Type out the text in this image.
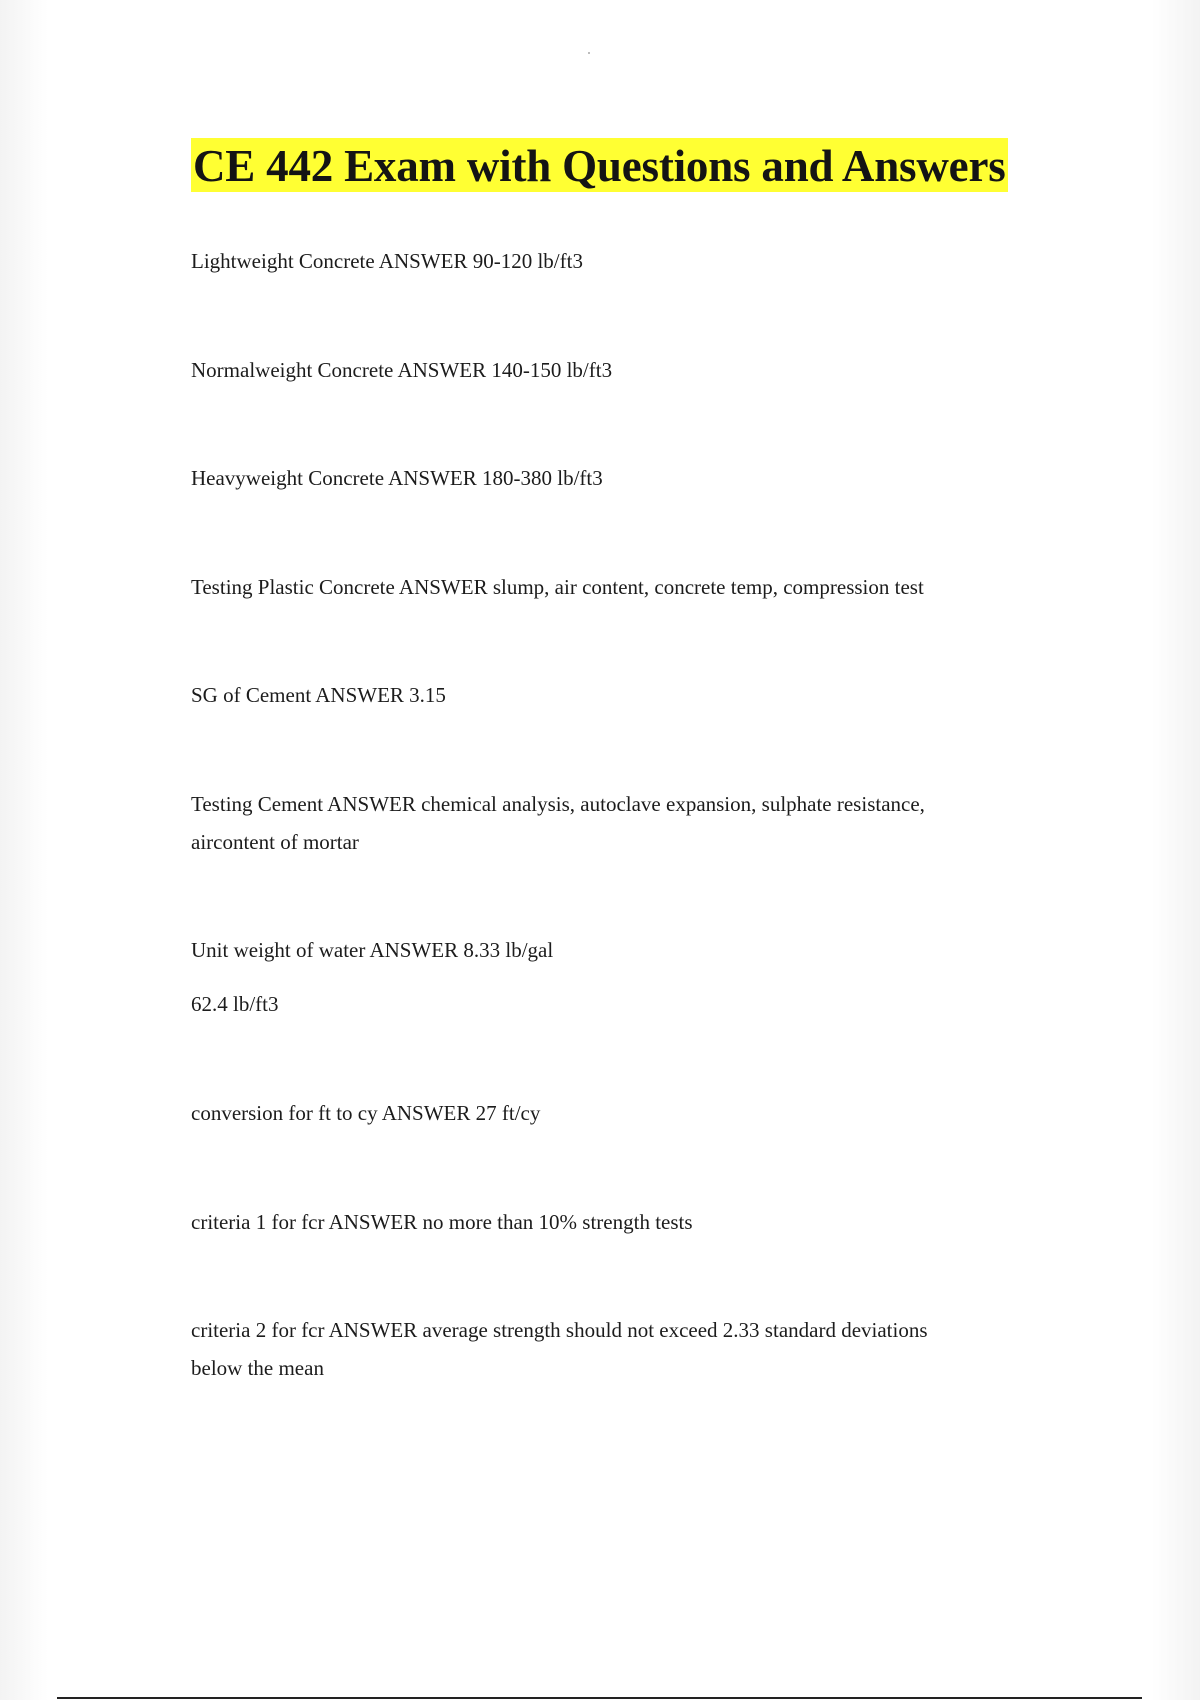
CE 442 Exam with Questions and Answers

Lightweight Concrete ANSWER 90-120 lb/ft3

Normalweight Concrete ANSWER 140-150 lb/ft3

Heavyweight Concrete ANSWER 180-380 lb/ft3

Testing Plastic Concrete ANSWER slump, air content, concrete temp, compression test

SG of Cement ANSWER 3.15

Testing Cement ANSWER chemical analysis, autoclave expansion, sulphate resistance,

aircontent of mortar

Unit weight of water ANSWER 8.33 lb/gal

62.4 lb/ft3

conversion for ft to cy ANSWER 27 ft/cy

criteria 1 for fcr ANSWER no more than 10% strength tests

criteria 2 for fcr ANSWER average strength should not exceed 2.33 standard deviations

below the mean
